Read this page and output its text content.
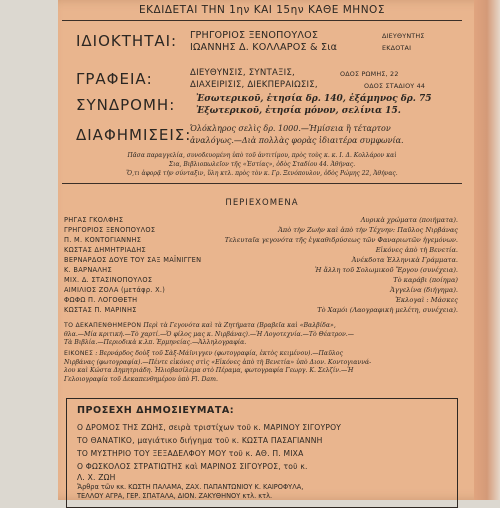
ΕΚΔΙΔΕΤΑΙ ΤΗΝ 1ην ΚΑΙ 15ην ΚΑΘΕ ΜΗΝΟΣ
ΙΔΙΟΚΤΗΤΑΙ: ΓΡΗΓΟΡΙΟΣ ΞΕΝΟΠΟΥΛΟΣ	ΔΙΕΥΘΥΝΤΗΣ
ΙΩΑΝΝΗΣ Δ. ΚΟΛΛΑΡΟΣ & Σια	ΕΚΔΟΤΑΙ
ΓΡΑΦΕΙΑ:	ΔΙΕΥΘΥΝΣΙΣ, ΣΥΝΤΑΞΙΣ,	ΟΔΟΣ ΡΩΜΗΣ, 22
ΔΙΑΧΕΙΡΙΣΙΣ, ΔΙΕΚΠΕΡΑΙΩΣΙΣ,	ΟΔΟΣ ΣΤΑΔΙΟΥ 44
ΣΥΝΔΡΟΜΗ: Ἐσωτερικοῦ, ἐτησία δρ. 140, ἑξάμηνος δρ. 75
Ἐξωτερικοῦ, ἐτησία μόνον, σελίνια 15.
ΔΙΑΦΗΜΙΣΕΙΣ:
Ὁλόκληρος σελὶς δρ. 1000.—Ἡμίσεια ἢ τέταρτον
ἀναλόγως.—Διὰ πολλὰς φορὰς ἰδιαιτέρα συμφωνία.
Πᾶσα παραγγελία, συνοδευομένη ὑπὸ τοῦ ἀντιτίμου, πρὸς τοὺς κ. κ. Ι. Δ. Κολλάρον καὶ
Σια, Βιβλιοπωλεῖον τῆς «Ἑστίας», ὁδὸς Σταδίου 44. Ἀθήνας.
Ὅ,τι ἀφορᾷ τὴν σύνταξιν, ὕλη κτλ. πρὸς τὸν κ. Γρ. Ξενόπουλον, ὁδὸς Ρώμης 22, Ἀθήνας.
ΠΕΡΙΕΧΟΜΕΝΑ
ΡΗΓΑΣ ΓΚΟΛΦΗΣ	Λυρικὰ χρώματα (ποιήματα).
ΓΡΗΓΟΡΙΟΣ ΞΕΝΟΠΟΥΛΟΣ	Ἀπὸ τὴν Ζωὴν καὶ ἀπὸ τὴν Τέχνην: Παῦλος Νιρβάνας
Π. Μ. ΚΟΝΤΟΓΙΑΝΝΗΣ	Τελευταῖα γεγονότα τῆς ἐγκαθιδρύσεως τῶν Φαναριωτῶν ἡγεμόνων.
ΚΩΣΤΑΣ ΔΗΜΗΤΡΙΑΔΗΣ	Εἰκόνες ἀπὸ τὴ Βενετία.
ΒΕΡΝΑΡΔΟΣ ΔΟΥΕ ΤΟΥ ΣΑΞ ΜΑΪΝΙΓΓΕΝ	Ἀνέκδοτα Ἑλληνικὰ Γράμματα.
Κ. ΒΑΡΝΑΛΗΣ	Ἡ ἄλλη τοῦ Σολωμικοῦ Ἔργου (συνέχεια).
ΜΙΧ. Δ. ΣΤΑΣΙΝΟΠΟΥΛΟΣ	Τὸ καράβι (ποίημα)
ΑΙΜΙΛΙΟΣ ΖΟΛΑ (μετάφρ. Χ.)	Ἀγγελίνα (διήγημα).
ΦΩΦΩ Π. ΛΟΓΟΘΕΤΗ	Ἐκλογαὶ : Μάσκες
ΚΩΣΤΑΣ Π. ΜΑΡΙΝΗΣ	Τὸ Χαμόι (Λαογραφικὴ μελέτη, συνέχεια).
ΤΟ ΔΕΚΑΠΕΝΘΗΜΕΡΟΝ Περὶ τὰ Γεγονότα καὶ τὰ Ζητήματα (Βραβεῖα καὶ «Βαλβίδα»,
θλα.—Μία κριτική.—Τὸ χαρτί.—Ὁ φίλος μας κ. Νιρβάνας).—Ἡ Λογοτεχνία.—Τὸ Θέατρον.—
Τὰ Βιβλία.—Περιοδικὰ κ.λπ. Ἑρμηνείας.—Ἀλληλογραφία.
ΕΙΚΟΝΕΣ : Βερνάρδος δοὺξ τοῦ Σὰξ-Μάϊνιγγεν (φωτογραφία, ἐκτὸς κειμένου).—Παῦλος
Νιρβάνας (φωτογραφία).—Πέντε εἰκόνες στὶς «Εἰκόνες ἀπὸ τὴ Βενετία» ὑπὸ Διον. Κοντογιαννά-
λου καὶ Κώστα Δημητριάδη. Ἠλιοβασίλεμα στὸ Πέραμα, φωτογραφία Γεωργ. Κ. Σελζίν.—Ἡ
Γελοιογραφία τοῦ Δεκαπενθημέρου ὑπὸ Fl. Dam.
ΠΡΟΣΕΧΗ ΔΗΜΟΣΙΕΥΜΑΤΑ:
Ο ΔΡΟΜΟΣ ΤΗΣ ΖΩΗΣ, σειρὰ τριστίχων τοῦ κ. ΜΑΡΙΝΟΥ ΣΙΓΟΥΡΟΥ
ΤΟ ΘΑΝΑΤΙΚΟ, μαγιάτικο διήγημα τοῦ κ. ΚΩΣΤΑ ΠΑΣΑΓΙΑΝΝΗ
ΤΟ ΜΥΣΤΗΡΙΟ ΤΟΥ ΞΕΞΑΔΕΛΦΟΥ ΜΟΥ τοῦ κ. ΑΘ. Π. ΜΙΧΑ
Ο ΦΩΣΚΟΛΟΣ ΣΤΡΑΤΙΩΤΗΣ καὶ ΜΑΡΙΝΟΣ ΣΙΓΟΥΡΟΣ, τοῦ κ.
Λ. Χ. ΖΩΗ
Ἄρθρα τῶν κκ. ΚΩΣΤΗ ΠΑΛΑΜΑ, ΖΑΧ. ΠΑΠΑΝΤΩΝΙΟΥ Κ. ΚΑΙΡΟΦΥΛΑ,
ΤΕΛΛΟΥ ΑΓΡΑ, ΓΕΡ. ΣΠΑΤΑΛΑ, ΔΙΟΝ. ΖΑΚΥΘΗΝΟΥ κτλ. κτλ.
